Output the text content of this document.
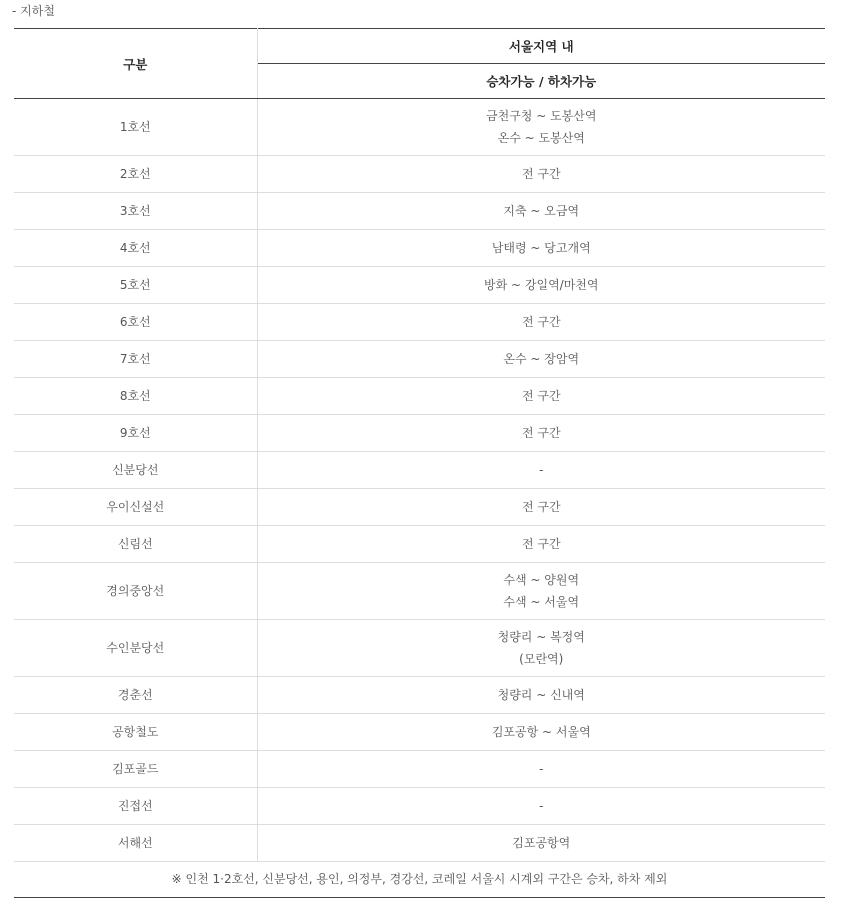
- 지하철
구분	서울지역 내
	승차가능 / 하차가능
1호선	금천구청 ~ 도봉산역
온수 ~ 도봉산역

2호선	전 구간

3호선	지축 ~ 오금역

4호선	남태령 ~ 당고개역

5호선	방화 ~ 강일역/마천역

6호선	전 구간

7호선	온수 ~ 장암역

8호선	전 구간

9호선	전 구간

신분당선	-

우이신설선	전 구간

신림선	전 구간

경의중앙선	수색 ~ 양원역
수색 ~ 서울역

수인분당선	청량리 ~ 복정역
(모란역)

경춘선	청량리 ~ 신내역

공항철도	김포공항 ~ 서울역

김포골드	-

진접선	-

서해선	김포공항역
※ 인천 1·2호선, 신분당선, 용인, 의정부, 경강선, 코레일 서울시 시계외 구간은 승차, 하차 제외
